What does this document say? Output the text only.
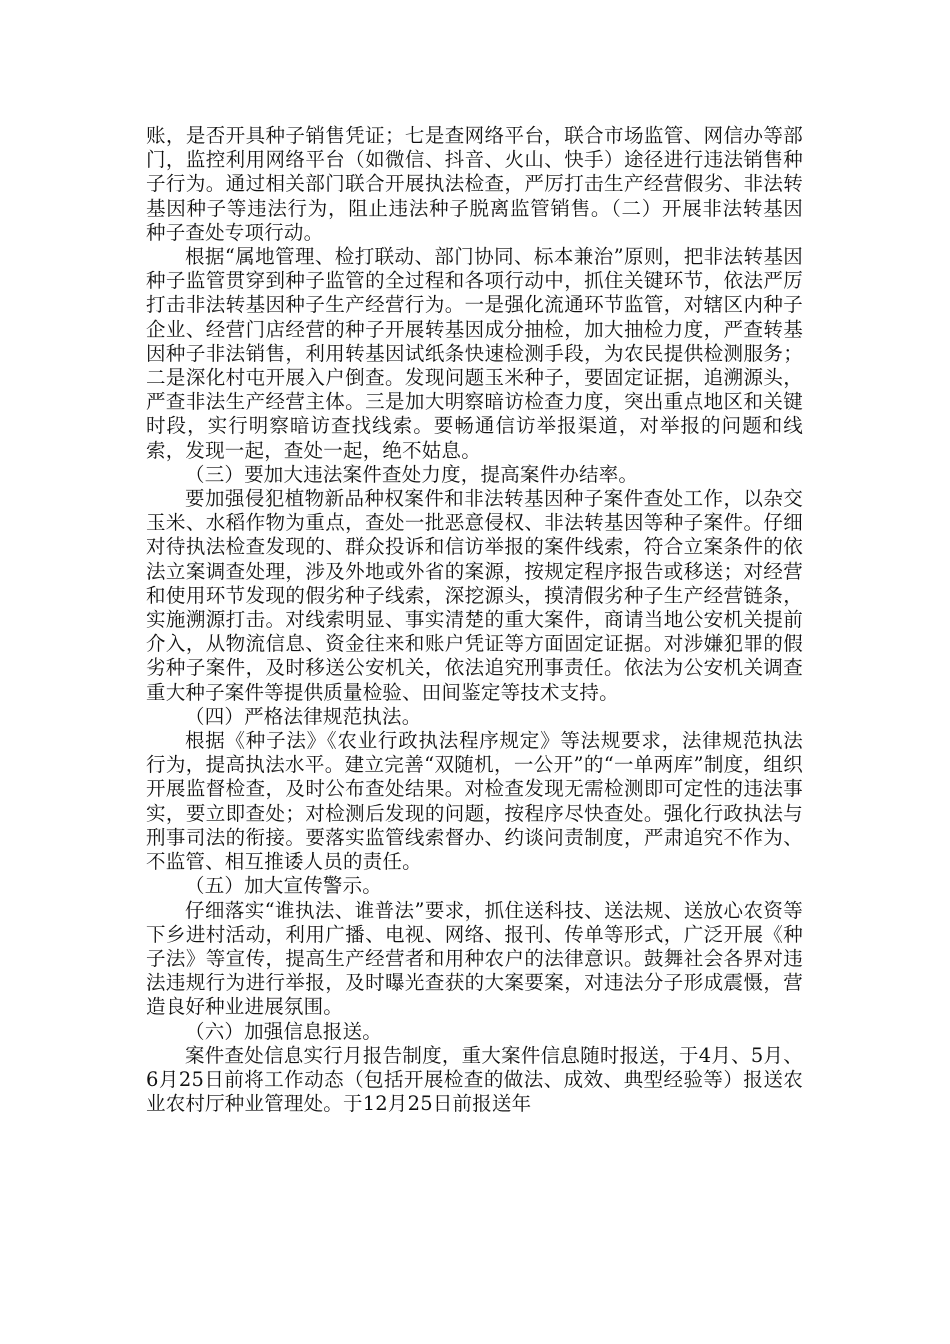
账，是否开具种子销售凭证；七是查网络平台，联合市场监管、网信办等部门，监控利用网络平台（如微信、抖音、火山、快手）途径进行违法销售种子行为。通过相关部门联合开展执法检查，严厉打击生产经营假劣、非法转基因种子等违法行为，阻止违法种子脱离监管销售。（二）开展非法转基因种子查处专项行动。

根据“属地管理、检打联动、部门协同、标本兼治”原则，把非法转基因种子监管贯穿到种子监管的全过程和各项行动中，抓住关键环节，依法严厉打击非法转基因种子生产经营行为。一是强化流通环节监管，对辖区内种子企业、经营门店经营的种子开展转基因成分抽检，加大抽检力度，严查转基因种子非法销售，利用转基因试纸条快速检测手段，为农民提供检测服务；二是深化村屯开展入户倒查。发现问题玉米种子，要固定证据，追溯源头，严查非法生产经营主体。三是加大明察暗访检查力度，突出重点地区和关键时段，实行明察暗访查找线索。要畅通信访举报渠道，对举报的问题和线索，发现一起，查处一起，绝不姑息。

（三）要加大违法案件查处力度，提高案件办结率。

要加强侵犯植物新品种权案件和非法转基因种子案件查处工作，以杂交玉米、水稻作物为重点，查处一批恶意侵权、非法转基因等种子案件。仔细对待执法检查发现的、群众投诉和信访举报的案件线索，符合立案条件的依法立案调查处理，涉及外地或外省的案源，按规定程序报告或移送；对经营和使用环节发现的假劣种子线索，深挖源头，摸清假劣种子生产经营链条，实施溯源打击。对线索明显、事实清楚的重大案件，商请当地公安机关提前介入，从物流信息、资金往来和账户凭证等方面固定证据。对涉嫌犯罪的假劣种子案件，及时移送公安机关，依法追究刑事责任。依法为公安机关调查重大种子案件等提供质量检验、田间鉴定等技术支持。

（四）严格法律规范执法。

根据《种子法》《农业行政执法程序规定》等法规要求，法律规范执法行为，提高执法水平。建立完善“双随机，一公开”的“一单两库”制度，组织开展监督检查，及时公布查处结果。对检查发现无需检测即可定性的违法事实，要立即查处；对检测后发现的问题，按程序尽快查处。强化行政执法与刑事司法的衔接。要落实监管线索督办、约谈问责制度，严肃追究不作为、不监管、相互推诿人员的责任。

（五）加大宣传警示。

仔细落实“谁执法、谁普法”要求，抓住送科技、送法规、送放心农资等下乡进村活动，利用广播、电视、网络、报刊、传单等形式，广泛开展《种子法》等宣传，提高生产经营者和用种农户的法律意识。鼓舞社会各界对违法违规行为进行举报，及时曝光查获的大案要案，对违法分子形成震慑，营造良好种业进展氛围。

（六）加强信息报送。

案件查处信息实行月报告制度，重大案件信息随时报送，于4月、5月、6月25日前将工作动态（包括开展检查的做法、成效、典型经验等）报送农业农村厅种业管理处。于12月25日前报送年
